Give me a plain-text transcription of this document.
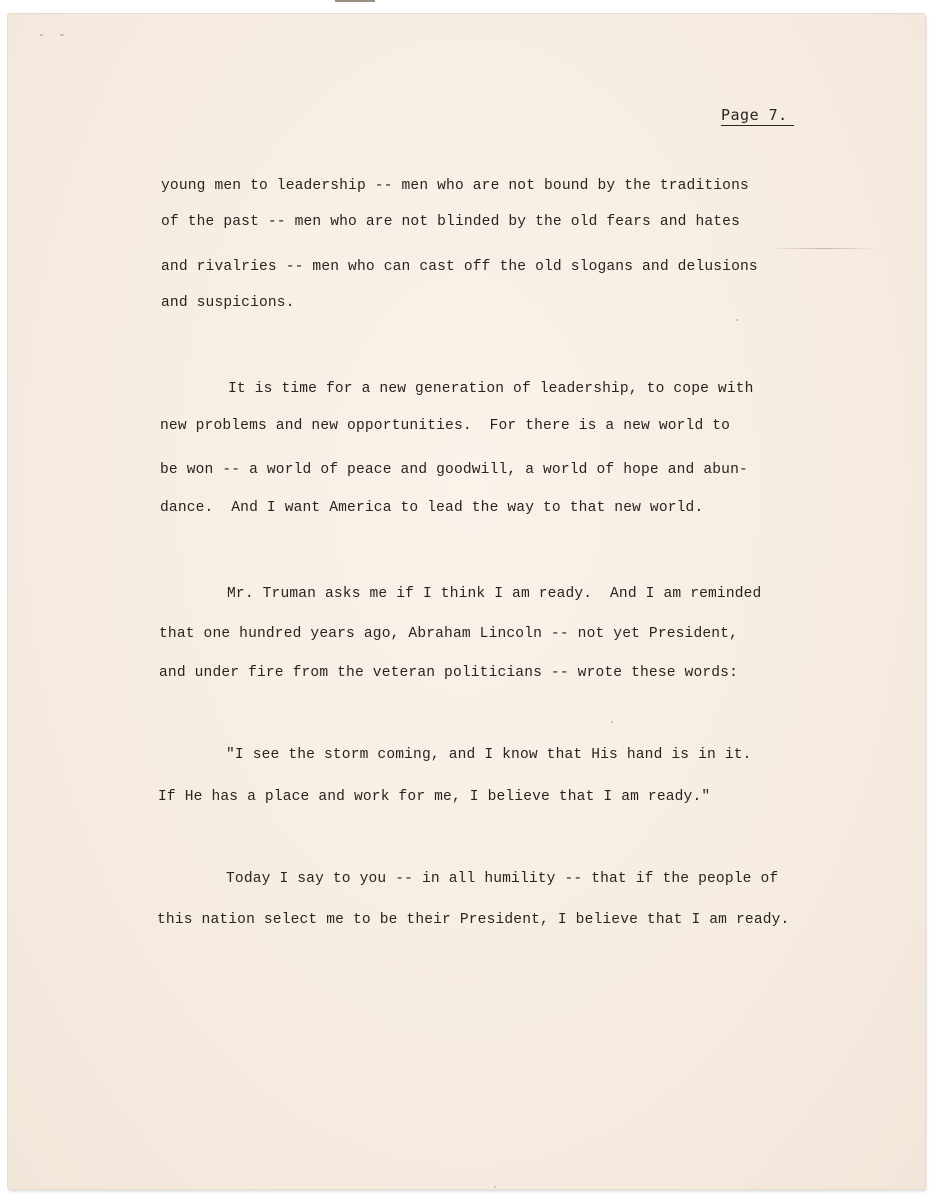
Page 7.
young men to leadership -- men who are not bound by the traditions
of the past -- men who are not blinded by the old fears and hates
and rivalries -- men who can cast off the old slogans and delusions
and suspicions.
It is time for a new generation of leadership, to cope with
new problems and new opportunities.  For there is a new world to
be won -- a world of peace and goodwill, a world of hope and abun-
dance.  And I want America to lead the way to that new world.
Mr. Truman asks me if I think I am ready.  And I am reminded
that one hundred years ago, Abraham Lincoln -- not yet President,
and under fire from the veteran politicians -- wrote these words:
"I see the storm coming, and I know that His hand is in it.
If He has a place and work for me, I believe that I am ready."
Today I say to you -- in all humility -- that if the people of
this nation select me to be their President, I believe that I am ready.
